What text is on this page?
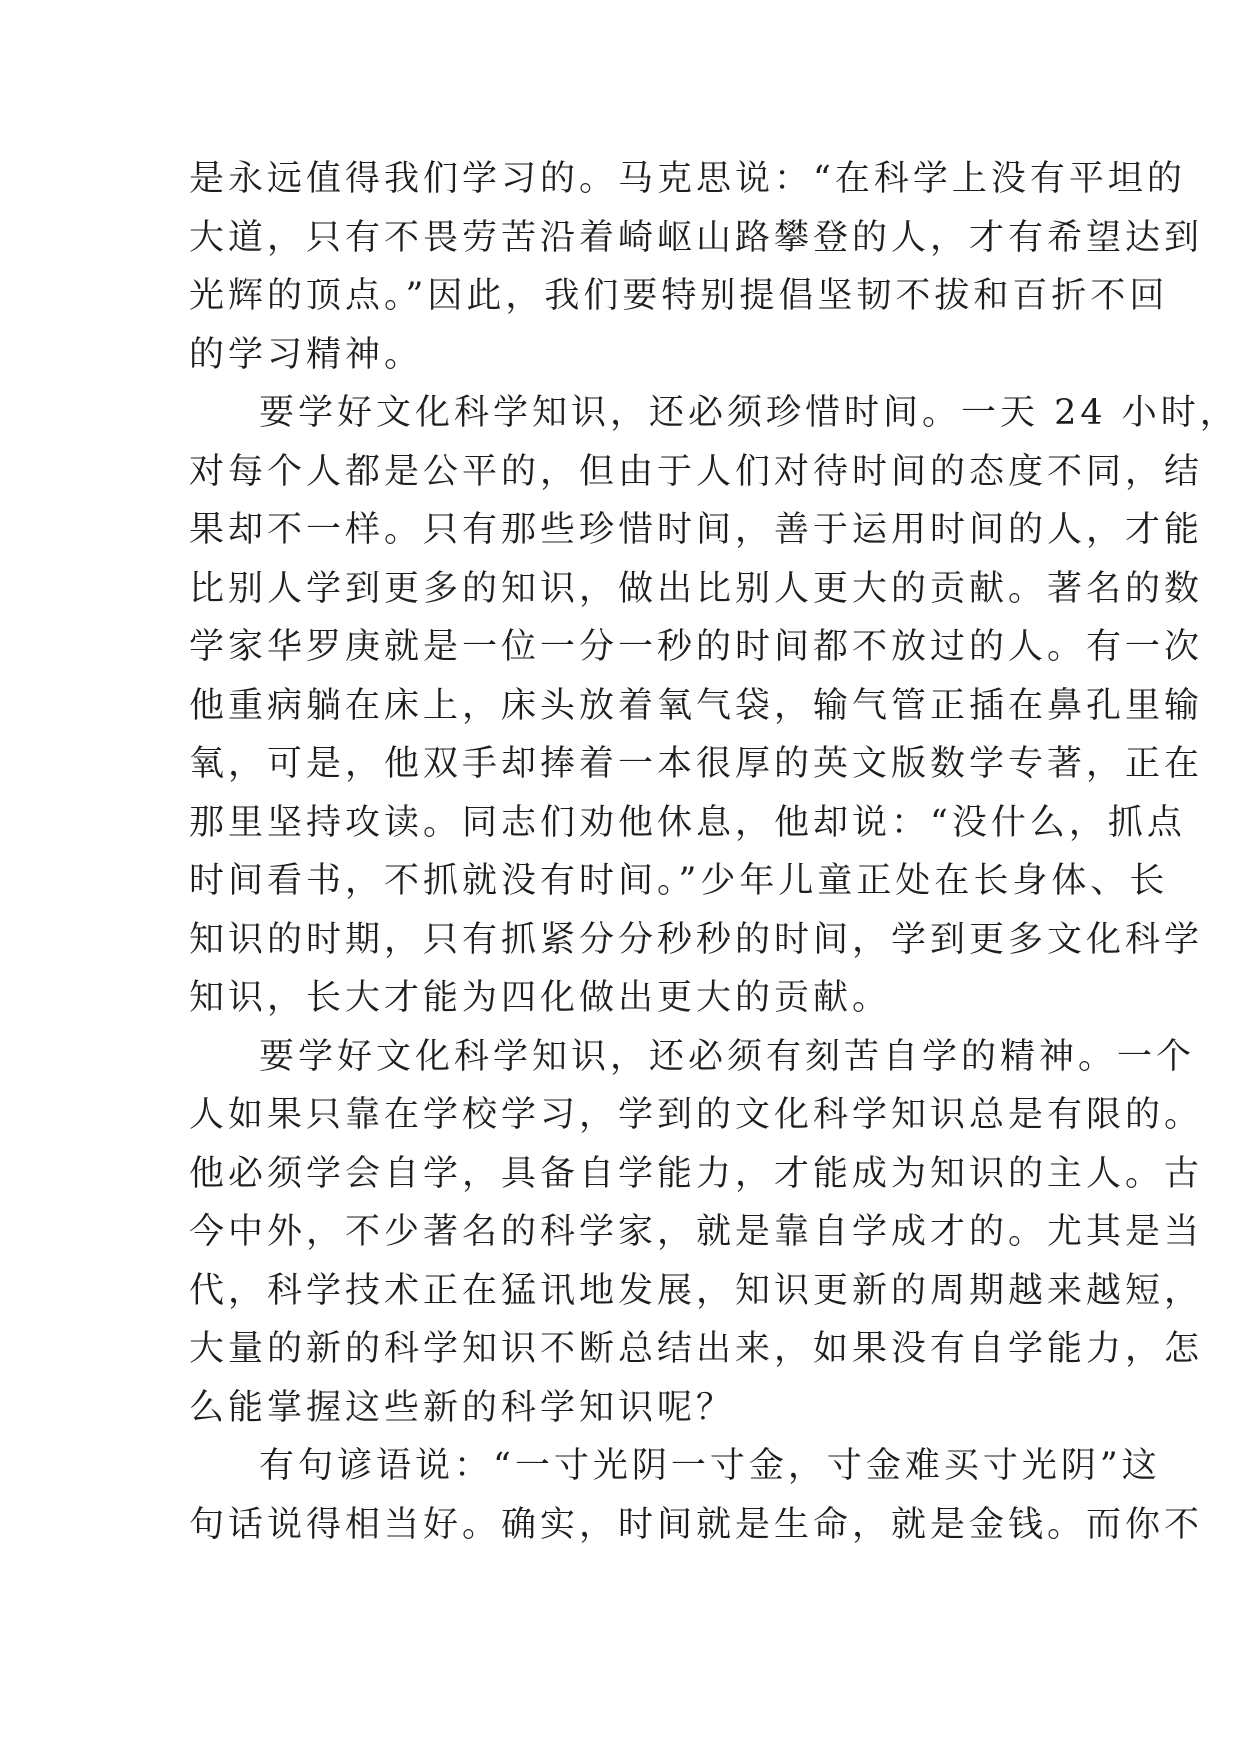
是永远值得我们学习的。马克思说：“在科学上没有平坦的
大道，只有不畏劳苦沿着崎岖山路攀登的人，才有希望达到
光辉的顶点。”因此，我们要特别提倡坚韧不拔和百折不回
的学习精神。
要学好文化科学知识，还必须珍惜时间。一天 24 小时，
对每个人都是公平的，但由于人们对待时间的态度不同，结
果却不一样。只有那些珍惜时间，善于运用时间的人，才能
比别人学到更多的知识，做出比别人更大的贡献。著名的数
学家华罗庚就是一位一分一秒的时间都不放过的人。有一次
他重病躺在床上，床头放着氧气袋，输气管正插在鼻孔里输
氧，可是，他双手却捧着一本很厚的英文版数学专著，正在
那里坚持攻读。同志们劝他休息，他却说：“没什么，抓点
时间看书，不抓就没有时间。”少年儿童正处在长身体、长
知识的时期，只有抓紧分分秒秒的时间，学到更多文化科学
知识，长大才能为四化做出更大的贡献。
要学好文化科学知识，还必须有刻苦自学的精神。一个
人如果只靠在学校学习，学到的文化科学知识总是有限的。
他必须学会自学，具备自学能力，才能成为知识的主人。古
今中外，不少著名的科学家，就是靠自学成才的。尤其是当
代，科学技术正在猛讯地发展，知识更新的周期越来越短，
大量的新的科学知识不断总结出来，如果没有自学能力，怎
么能掌握这些新的科学知识呢？
有句谚语说：“一寸光阴一寸金，寸金难买寸光阴”这
句话说得相当好。确实，时间就是生命，就是金钱。而你不
